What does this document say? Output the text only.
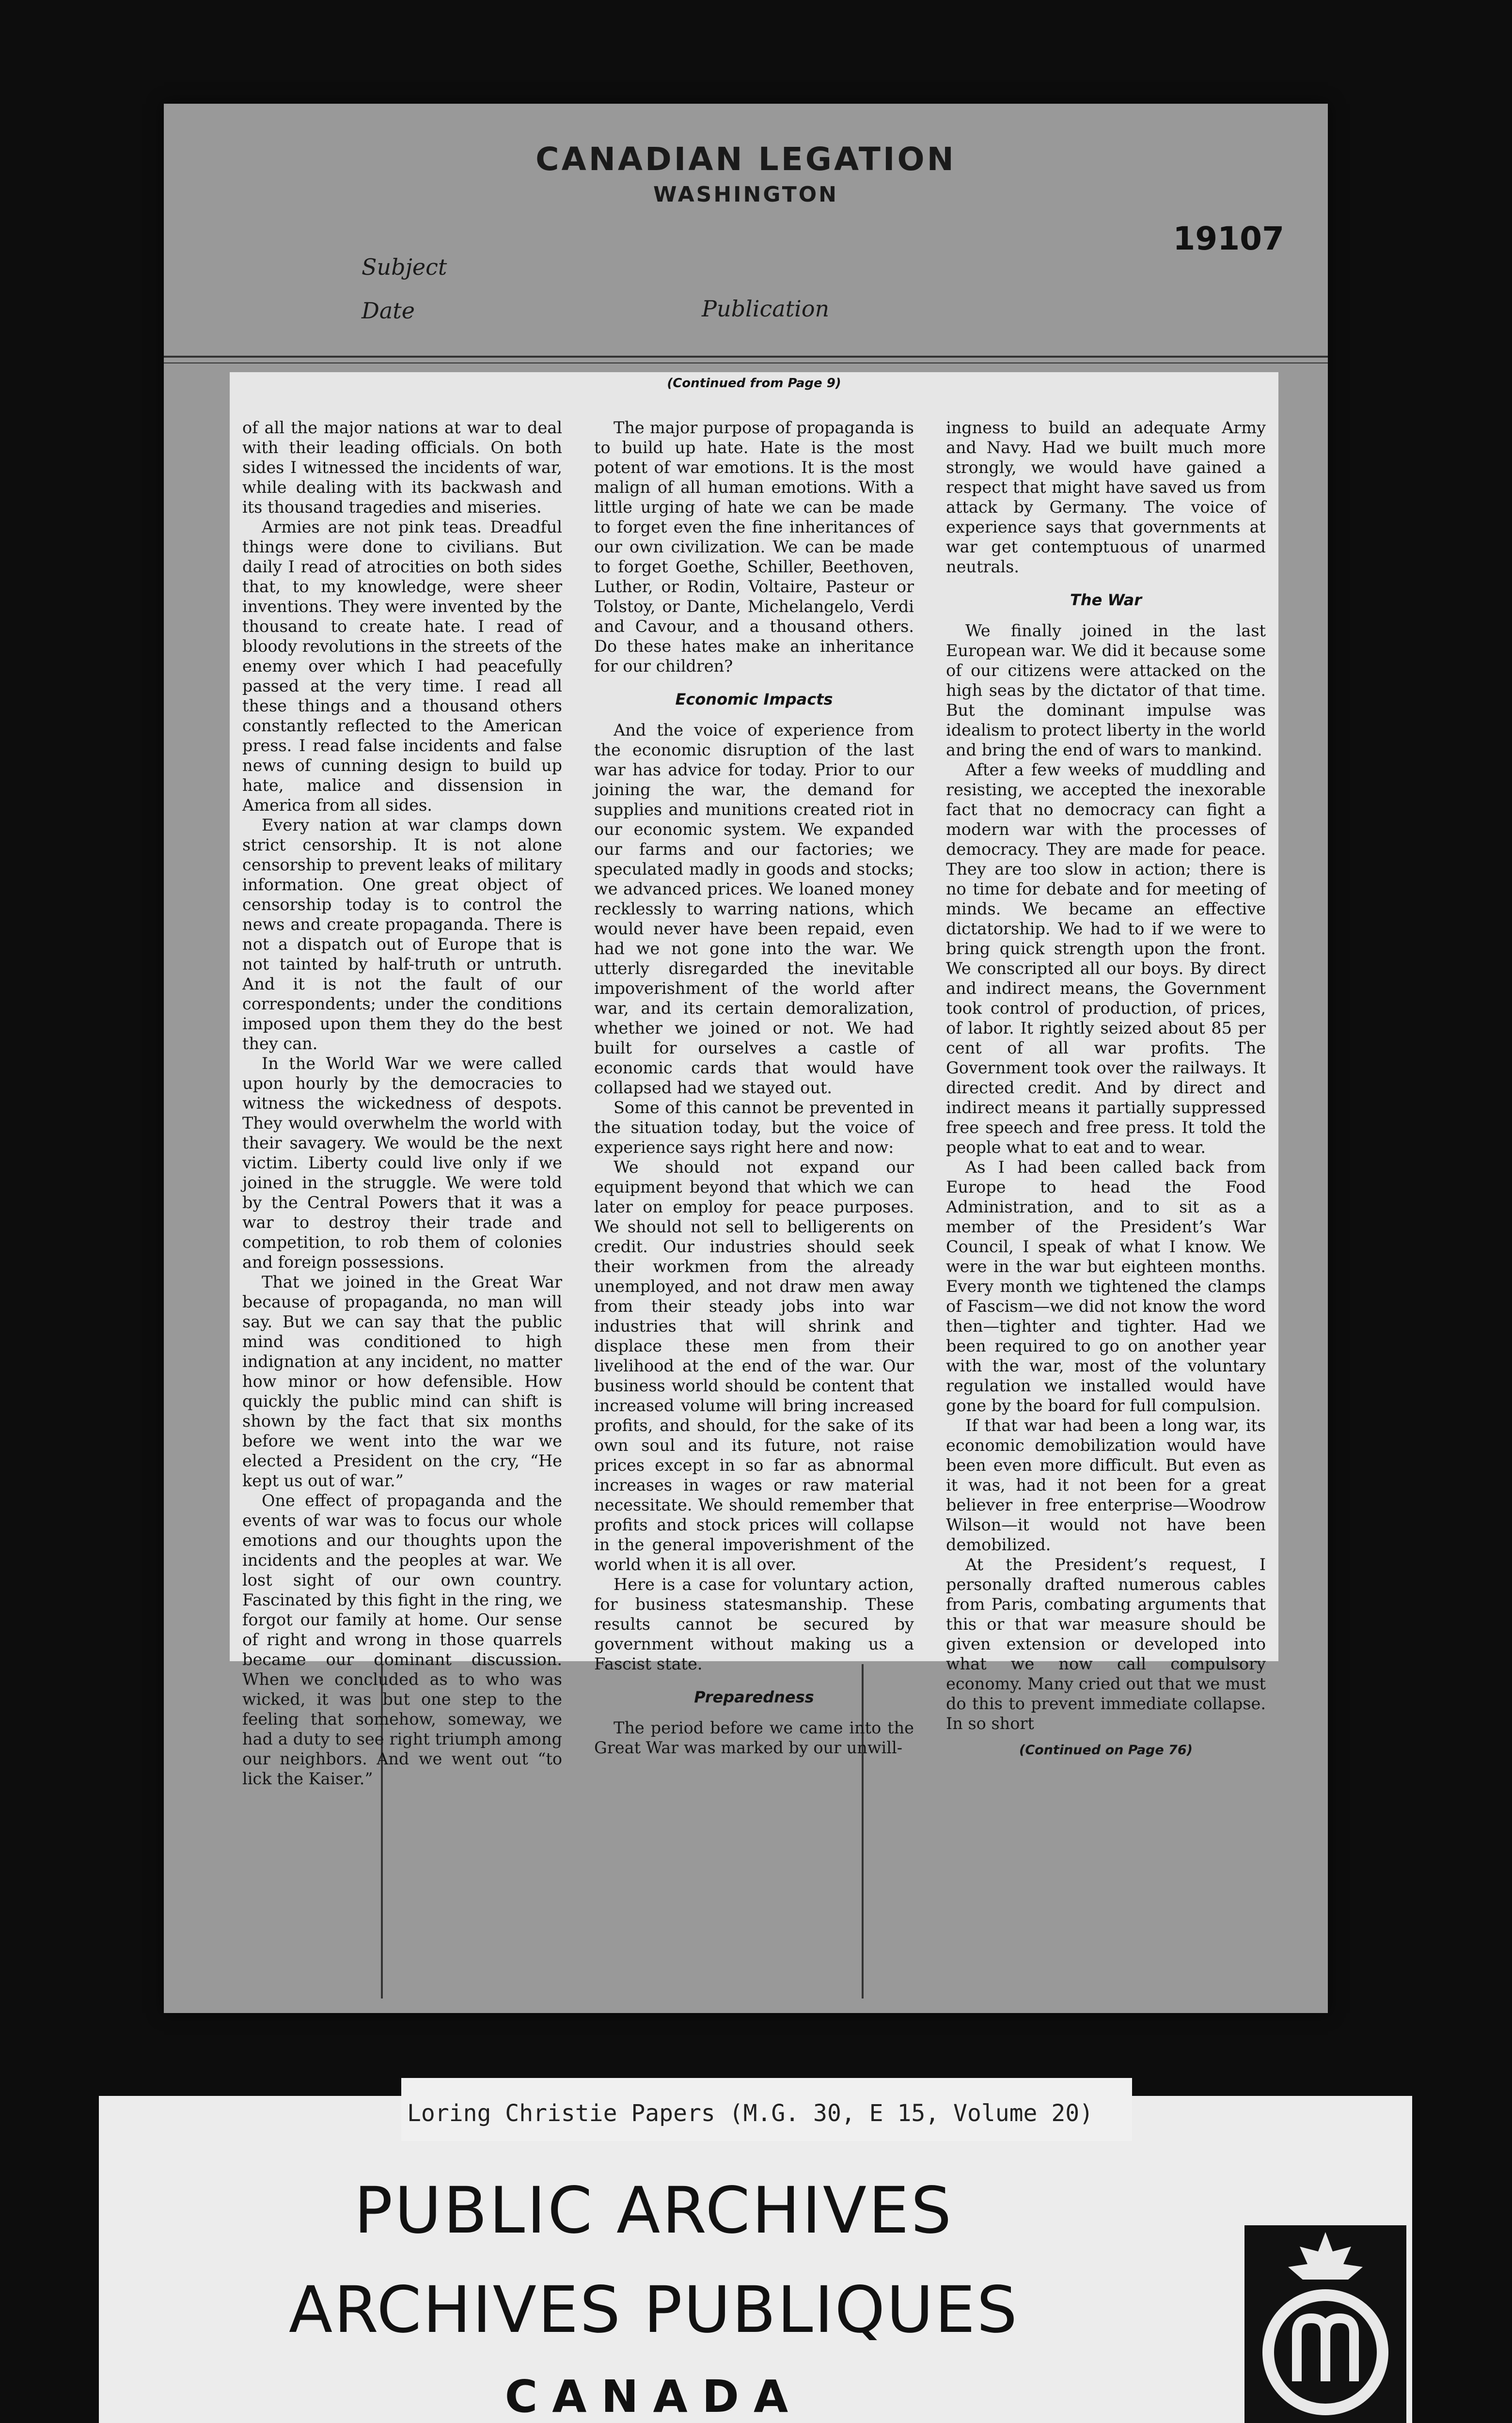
CANADIAN LEGATION
WASHINGTON
19107
Subject
Date	Publication
(Continued from Page 9)

of all the major nations at war to deal with their leading officials. On both sides I witnessed the incidents of war, while dealing with its backwash and its thousand tragedies and miseries.

Armies are not pink teas. Dreadful things were done to civilians. But daily I read of atrocities on both sides that, to my knowledge, were sheer inventions. They were invented by the thousand to create hate. I read of bloody revolutions in the streets of the enemy over which I had peacefully passed at the very time. I read all these things and a thousand others constantly reflected to the American press. I read false incidents and false news of cunning design to build up hate, malice and dissension in America from all sides.

Every nation at war clamps down strict censorship. It is not alone censorship to prevent leaks of military information. One great object of censorship today is to control the news and create propaganda. There is not a dispatch out of Europe that is not tainted by half-truth or untruth. And it is not the fault of our correspondents; under the conditions imposed upon them they do the best they can.

In the World War we were called upon hourly by the democracies to witness the wickedness of despots. They would overwhelm the world with their savagery. We would be the next victim. Liberty could live only if we joined in the struggle. We were told by the Central Powers that it was a war to destroy their trade and competition, to rob them of colonies and foreign possessions.

That we joined in the Great War because of propaganda, no man will say. But we can say that the public mind was conditioned to high indignation at any incident, no matter how minor or how defensible. How quickly the public mind can shift is shown by the fact that six months before we went into the war we elected a President on the cry, “He kept us out of war.”

One effect of propaganda and the events of war was to focus our whole emotions and our thoughts upon the incidents and the peoples at war. We lost sight of our own country. Fascinated by this fight in the ring, we forgot our family at home. Our sense of right and wrong in those quarrels became our dominant discussion. When we concluded as to who was wicked, it was but one step to the feeling that somehow, someway, we had a duty to see right triumph among our neighbors. And we went out “to lick the Kaiser.”

The major purpose of propaganda is to build up hate. Hate is the most potent of war emotions. It is the most malign of all human emotions. With a little urging of hate we can be made to forget even the fine inheritances of our own civilization. We can be made to forget Goethe, Schiller, Beethoven, Luther, or Rodin, Voltaire, Pasteur or Tolstoy, or Dante, Michelangelo, Verdi and Cavour, and a thousand others. Do these hates make an inheritance for our children?

Economic Impacts

And the voice of experience from the economic disruption of the last war has advice for today. Prior to our joining the war, the demand for supplies and munitions created riot in our economic system. We expanded our farms and our factories; we speculated madly in goods and stocks; we advanced prices. We loaned money recklessly to warring nations, which would never have been repaid, even had we not gone into the war. We utterly disregarded the inevitable impoverishment of the world after war, and its certain demoralization, whether we joined or not. We had built for ourselves a castle of economic cards that would have collapsed had we stayed out.

Some of this cannot be prevented in the situation today, but the voice of experience says right here and now:

We should not expand our equipment beyond that which we can later on employ for peace purposes. We should not sell to belligerents on credit. Our industries should seek their workmen from the already unemployed, and not draw men away from their steady jobs into war industries that will shrink and displace these men from their livelihood at the end of the war. Our business world should be content that increased volume will bring increased profits, and should, for the sake of its own soul and its future, not raise prices except in so far as abnormal increases in wages or raw material necessitate. We should remember that profits and stock prices will collapse in the general impoverishment of the world when it is all over.

Here is a case for voluntary action, for business statesmanship. These results cannot be secured by government without making us a Fascist state.

Preparedness

The period before we came into the Great War was marked by our unwill-

ingness to build an adequate Army and Navy. Had we built much more strongly, we would have gained a respect that might have saved us from attack by Germany. The voice of experience says that governments at war get contemptuous of unarmed neutrals.

The War

We finally joined in the last European war. We did it because some of our citizens were attacked on the high seas by the dictator of that time. But the dominant impulse was idealism to protect liberty in the world and bring the end of wars to mankind.

After a few weeks of muddling and resisting, we accepted the inexorable fact that no democracy can fight a modern war with the processes of democracy. They are made for peace. They are too slow in action; there is no time for debate and for meeting of minds. We became an effective dictatorship. We had to if we were to bring quick strength upon the front. We conscripted all our boys. By direct and indirect means, the Government took control of production, of prices, of labor. It rightly seized about 85 per cent of all war profits. The Government took over the railways. It directed credit. And by direct and indirect means it partially suppressed free speech and free press. It told the people what to eat and to wear.

As I had been called back from Europe to head the Food Administration, and to sit as a member of the President’s War Council, I speak of what I know. We were in the war but eighteen months. Every month we tightened the clamps of Fascism—we did not know the word then—tighter and tighter. Had we been required to go on another year with the war, most of the voluntary regulation we installed would have gone by the board for full compulsion.

If that war had been a long war, its economic demobilization would have been even more difficult. But even as it was, had it not been for a great believer in free enterprise—Woodrow Wilson—it would not have been demobilized.

At the President’s request, I personally drafted numerous cables from Paris, combating arguments that this or that war measure should be given extension or developed into what we now call compulsory economy. Many cried out that we must do this to prevent immediate collapse. In so short

(Continued on Page 76)
Loring Christie Papers (M.G. 30, E 15, Volume 20)
PUBLIC ARCHIVES
ARCHIVES PUBLIQUES
CANADA
